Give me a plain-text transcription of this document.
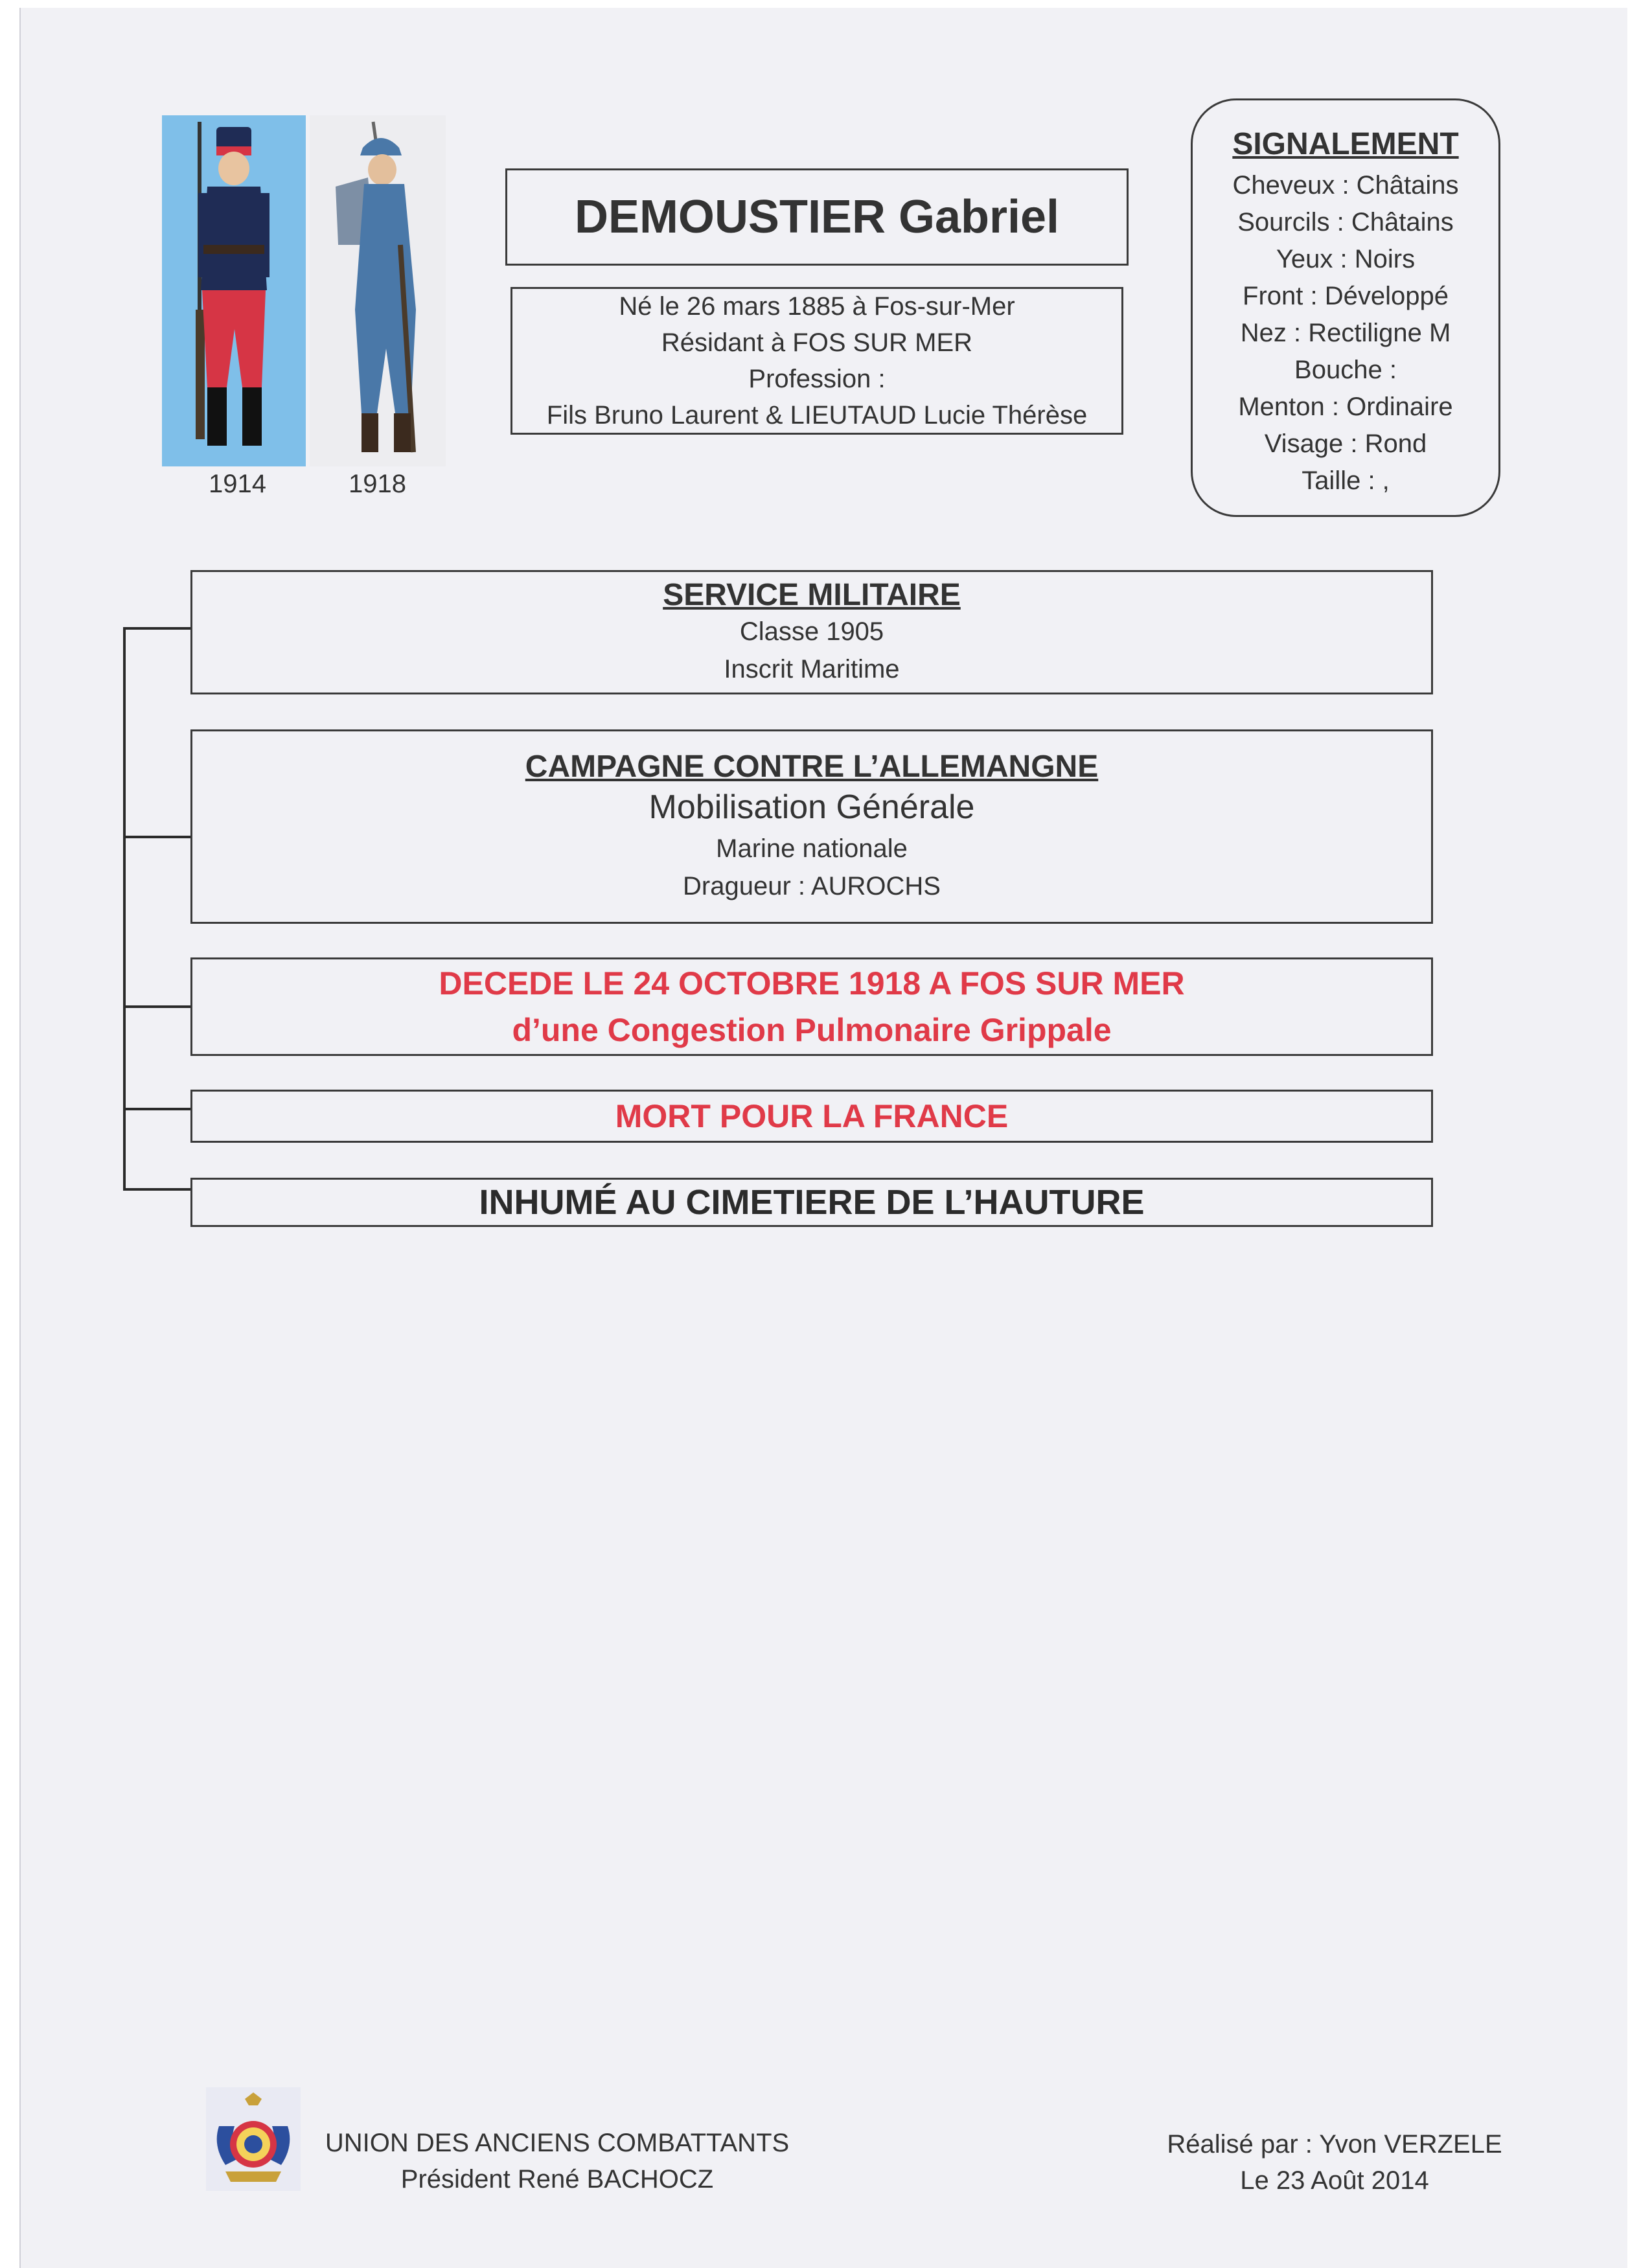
1914	1918
DEMOUSTIER Gabriel
Né le 26 mars 1885 à Fos-sur-Mer
Résidant à FOS SUR MER
Profession :
Fils Bruno Laurent & LIEUTAUD Lucie Thérèse
SIGNALEMENT
Cheveux : Châtains
Sourcils : Châtains
Yeux : Noirs
Front : Développé
Nez : Rectiligne M
Bouche :
Menton : Ordinaire
Visage : Rond
Taille : ,
SERVICE MILITAIRE
Classe 1905
Inscrit Maritime
CAMPAGNE CONTRE L’ALLEMANGNE
Mobilisation Générale
Marine nationale
Dragueur : AUROCHS
DECEDE LE 24 OCTOBRE 1918 A FOS SUR MER
d’une Congestion Pulmonaire Grippale
MORT POUR LA FRANCE
INHUMÉ AU CIMETIERE DE L’HAUTURE
UNION DES ANCIENS COMBATTANTS
Président René BACHOCZ
Réalisé par : Yvon VERZELE
Le 23 Août 2014
